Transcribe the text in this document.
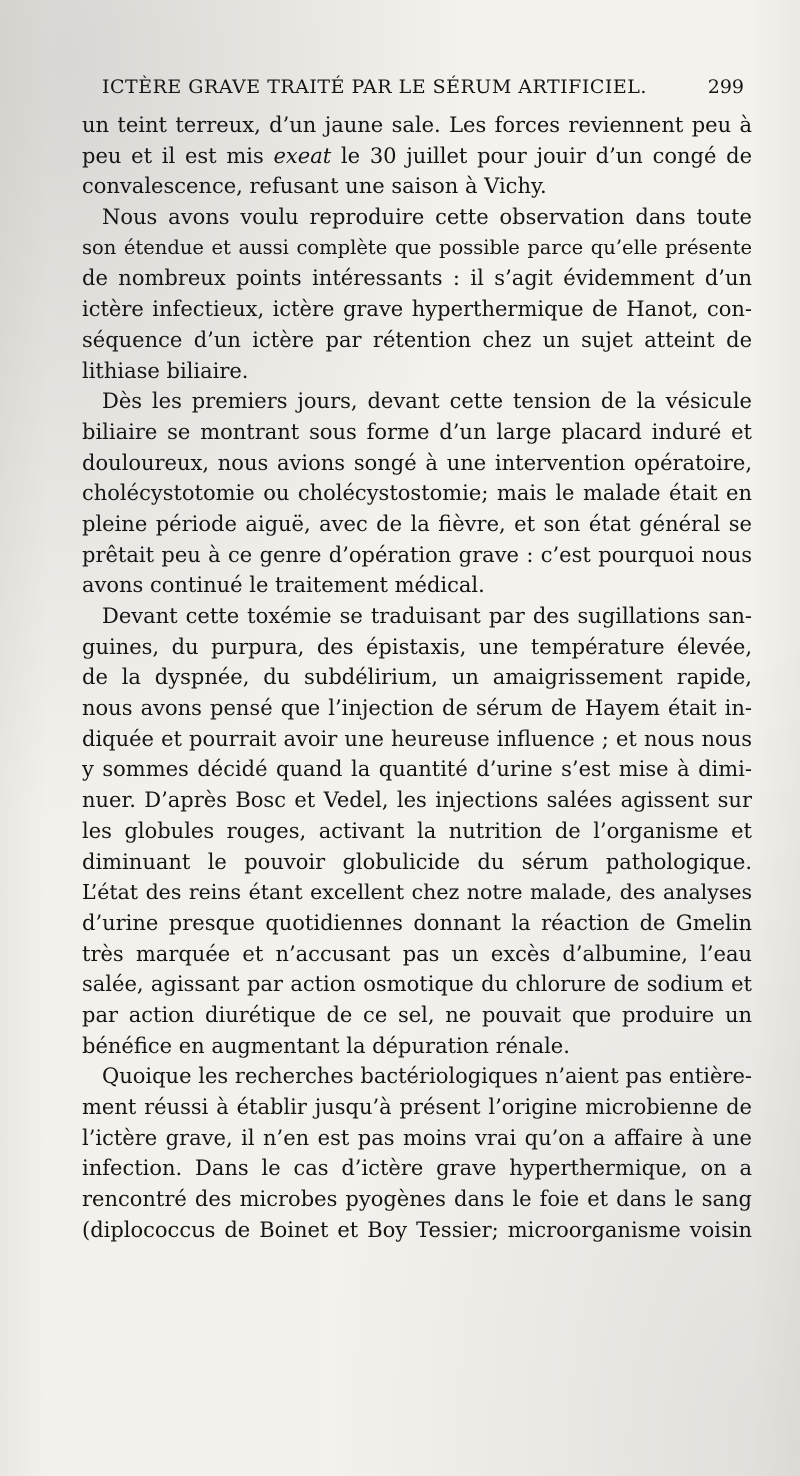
ICTÈRE GRAVE TRAITÉ PAR LE SÉRUM ARTIFICIEL.	299
un teint terreux, d’un jaune sale. Les forces reviennent peu à
peu et il est mis exeat le 30 juillet pour jouir d’un congé de
convalescence, refusant une saison à Vichy.
Nous avons voulu reproduire cette observation dans toute
son étendue et aussi complète que possible parce qu’elle présente
de nombreux points intéressants : il s’agit évidemment d’un
ictère infectieux, ictère grave hyperthermique de Hanot, con-
séquence d’un ictère par rétention chez un sujet atteint de
lithiase biliaire.
Dès les premiers jours, devant cette tension de la vésicule
biliaire se montrant sous forme d’un large placard induré et
douloureux, nous avions songé à une intervention opératoire,
cholécystotomie ou cholécystostomie; mais le malade était en
pleine période aiguë, avec de la fièvre, et son état général se
prêtait peu à ce genre d’opération grave : c’est pourquoi nous
avons continué le traitement médical.
Devant cette toxémie se traduisant par des sugillations san-
guines, du purpura, des épistaxis, une température élevée,
de la dyspnée, du subdélirium, un amaigrissement rapide,
nous avons pensé que l’injection de sérum de Hayem était in-
diquée et pourrait avoir une heureuse influence ; et nous nous
y sommes décidé quand la quantité d’urine s’est mise à dimi-
nuer. D’après Bosc et Vedel, les injections salées agissent sur
les globules rouges, activant la nutrition de l’organisme et
diminuant le pouvoir globulicide du sérum pathologique.
L’état des reins étant excellent chez notre malade, des analyses
d’urine presque quotidiennes donnant la réaction de Gmelin
très marquée et n’accusant pas un excès d’albumine, l’eau
salée, agissant par action osmotique du chlorure de sodium et
par action diurétique de ce sel, ne pouvait que produire un
bénéfice en augmentant la dépuration rénale.
Quoique les recherches bactériologiques n’aient pas entière-
ment réussi à établir jusqu’à présent l’origine microbienne de
l’ictère grave, il n’en est pas moins vrai qu’on a affaire à une
infection. Dans le cas d’ictère grave hyperthermique, on a
rencontré des microbes pyogènes dans le foie et dans le sang
(diplococcus de Boinet et Boy Tessier; microorganisme voisin
